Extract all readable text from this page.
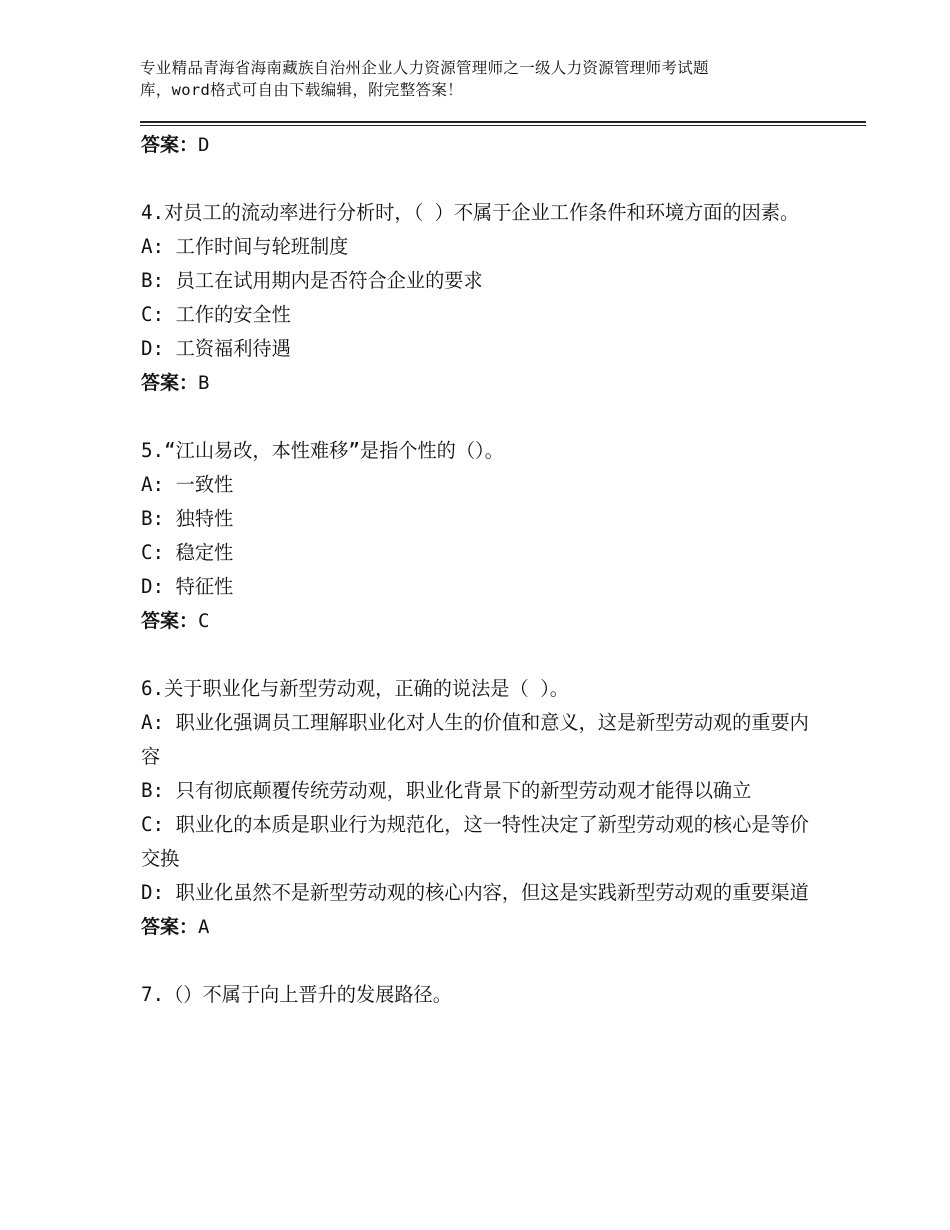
专业精品青海省海南藏族自治州企业人力资源管理师之一级人力资源管理师考试题
库，word格式可自由下载编辑，附完整答案！
答案：D
4.对员工的流动率进行分析时，（ ）不属于企业工作条件和环境方面的因素。
A: 工作时间与轮班制度
B: 员工在试用期内是否符合企业的要求
C: 工作的安全性
D: 工资福利待遇
答案：B
5.“江山易改，本性难移”是指个性的（）。
A: 一致性
B: 独特性
C: 稳定性
D: 特征性
答案：C
6.关于职业化与新型劳动观，正确的说法是（ ）。
A: 职业化强调员工理解职业化对人生的价值和意义，这是新型劳动观的重要内容
B: 只有彻底颠覆传统劳动观，职业化背景下的新型劳动观才能得以确立
C: 职业化的本质是职业行为规范化，这一特性决定了新型劳动观的核心是等价交换
D: 职业化虽然不是新型劳动观的核心内容，但这是实践新型劳动观的重要渠道
答案：A
7.（）不属于向上晋升的发展路径。
